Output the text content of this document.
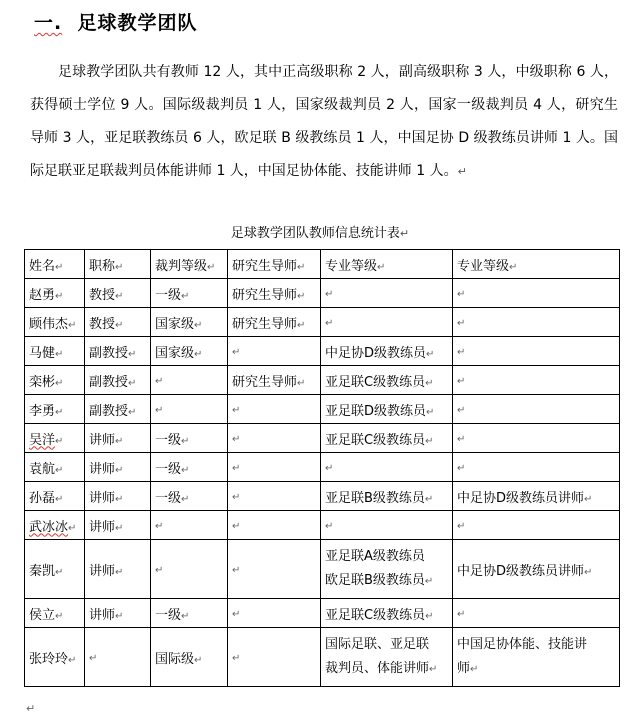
一. 足球教学团队
足球教学团队共有教师 12 人，其中正高级职称 2 人，副高级职称 3 人，中级职称 6 人，获得硕士学位 9 人。国际级裁判员 1 人，国家级裁判员 2 人，国家一级裁判员 4 人，研究生导师 3 人，亚足联教练员 6 人，欧足联 B 级教练员 1 人，中国足协 D 级教练员讲师 1 人。国际足联亚足联裁判员体能讲师 1 人，中国足协体能、技能讲师 1 人。↵
足球教学团队教师信息统计表↵
姓名↵	职称↵	裁判等级↵	研究生导师↵	专业等级↵	专业等级↵
赵勇↵	教授↵	一级↵	研究生导师↵	↵	↵
顾伟杰↵	教授↵	国家级↵	研究生导师↵	↵	↵
马健↵	副教授↵	国家级↵	↵	中足协D级教练员↵	↵
栾彬↵	副教授↵	↵	研究生导师↵	亚足联C级教练员↵	↵
李勇↵	副教授↵	↵	↵	亚足联D级教练员↵	↵
吴洋↵	讲师↵	一级↵	↵	亚足联C级教练员↵	↵
袁航↵	讲师↵	一级↵	↵	↵	↵
孙磊↵	讲师↵	一级↵	↵	亚足联B级教练员↵	中足协D级教练员讲师↵
武冰冰↵	讲师↵	↵	↵	↵	↵
秦凯↵	讲师↵	↵	↵	亚足联A级教练员
欧足联B级教练员↵	中足协D级教练员讲师↵
侯立↵	讲师↵	一级↵	↵	亚足联C级教练员↵	↵
张玲玲↵	↵	国际级↵	↵	国际足联、亚足联
裁判员、体能讲师↵	中国足协体能、技能讲
师↵
↵
